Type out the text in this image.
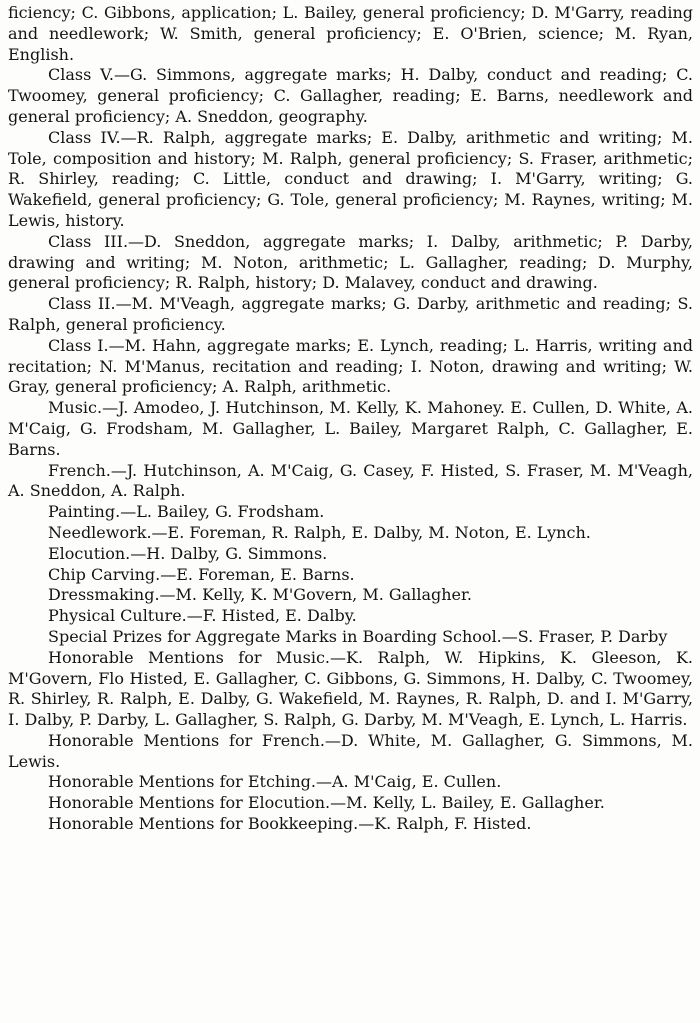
ficiency; C. Gibbons, application; L. Bailey, general proficiency; D. M'Garry, reading and needlework; W. Smith, general proficiency; E. O'Brien, science; M. Ryan, English.

Class V.—G. Simmons, aggregate marks; H. Dalby, conduct and reading; C. Twoomey, general proficiency; C. Gallagher, reading; E. Barns, needlework and general proficiency; A. Sneddon, geography.

Class IV.—R. Ralph, aggregate marks; E. Dalby, arithmetic and writing; M. Tole, composition and history; M. Ralph, general proficiency; S. Fraser, arithmetic; R. Shirley, reading; C. Little, conduct and drawing; I. M'Garry, writing; G. Wakefield, general proficiency; G. Tole, general proficiency; M. Raynes, writing; M. Lewis, history.

Class III.—D. Sneddon, aggregate marks; I. Dalby, arithmetic; P. Darby, drawing and writing; M. Noton, arithmetic; L. Gallagher, reading; D. Murphy, general proficiency; R. Ralph, history; D. Malavey, conduct and drawing.

Class II.—M. M'Veagh, aggregate marks; G. Darby, arithmetic and reading; S. Ralph, general proficiency.

Class I.—M. Hahn, aggregate marks; E. Lynch, reading; L. Harris, writing and recitation; N. M'Manus, recitation and reading; I. Noton, drawing and writing; W. Gray, general proficiency; A. Ralph, arithmetic.

Music.—J. Amodeo, J. Hutchinson, M. Kelly, K. Mahoney. E. Cullen, D. White, A. M'Caig, G. Frodsham, M. Gallagher, L. Bailey, Margaret Ralph, C. Gallagher, E. Barns.

French.—J. Hutchinson, A. M'Caig, G. Casey, F. Histed, S. Fraser, M. M'Veagh, A. Sneddon, A. Ralph.

Painting.—L. Bailey, G. Frodsham.

Needlework.—E. Foreman, R. Ralph, E. Dalby, M. Noton, E. Lynch.

Elocution.—H. Dalby, G. Simmons.

Chip Carving.—E. Foreman, E. Barns.

Dressmaking.—M. Kelly, K. M'Govern, M. Gallagher.

Physical Culture.—F. Histed, E. Dalby.

Special Prizes for Aggregate Marks in Boarding School.—S. Fraser, P. Darby

Honorable Mentions for Music.—K. Ralph, W. Hipkins, K. Gleeson, K. M'Govern, Flo Histed, E. Gallagher, C. Gibbons, G. Simmons, H. Dalby, C. Twoomey, R. Shirley, R. Ralph, E. Dalby, G. Wakefield, M. Raynes, R. Ralph, D. and I. M'Garry, I. Dalby, P. Darby, L. Gallagher, S. Ralph, G. Darby, M. M'Veagh, E. Lynch, L. Harris.

Honorable Mentions for French.—D. White, M. Gallagher, G. Simmons, M. Lewis.

Honorable Mentions for Etching.—A. M'Caig, E. Cullen.

Honorable Mentions for Elocution.—M. Kelly, L. Bailey, E. Gallagher.

Honorable Mentions for Bookkeeping.—K. Ralph, F. Histed.
